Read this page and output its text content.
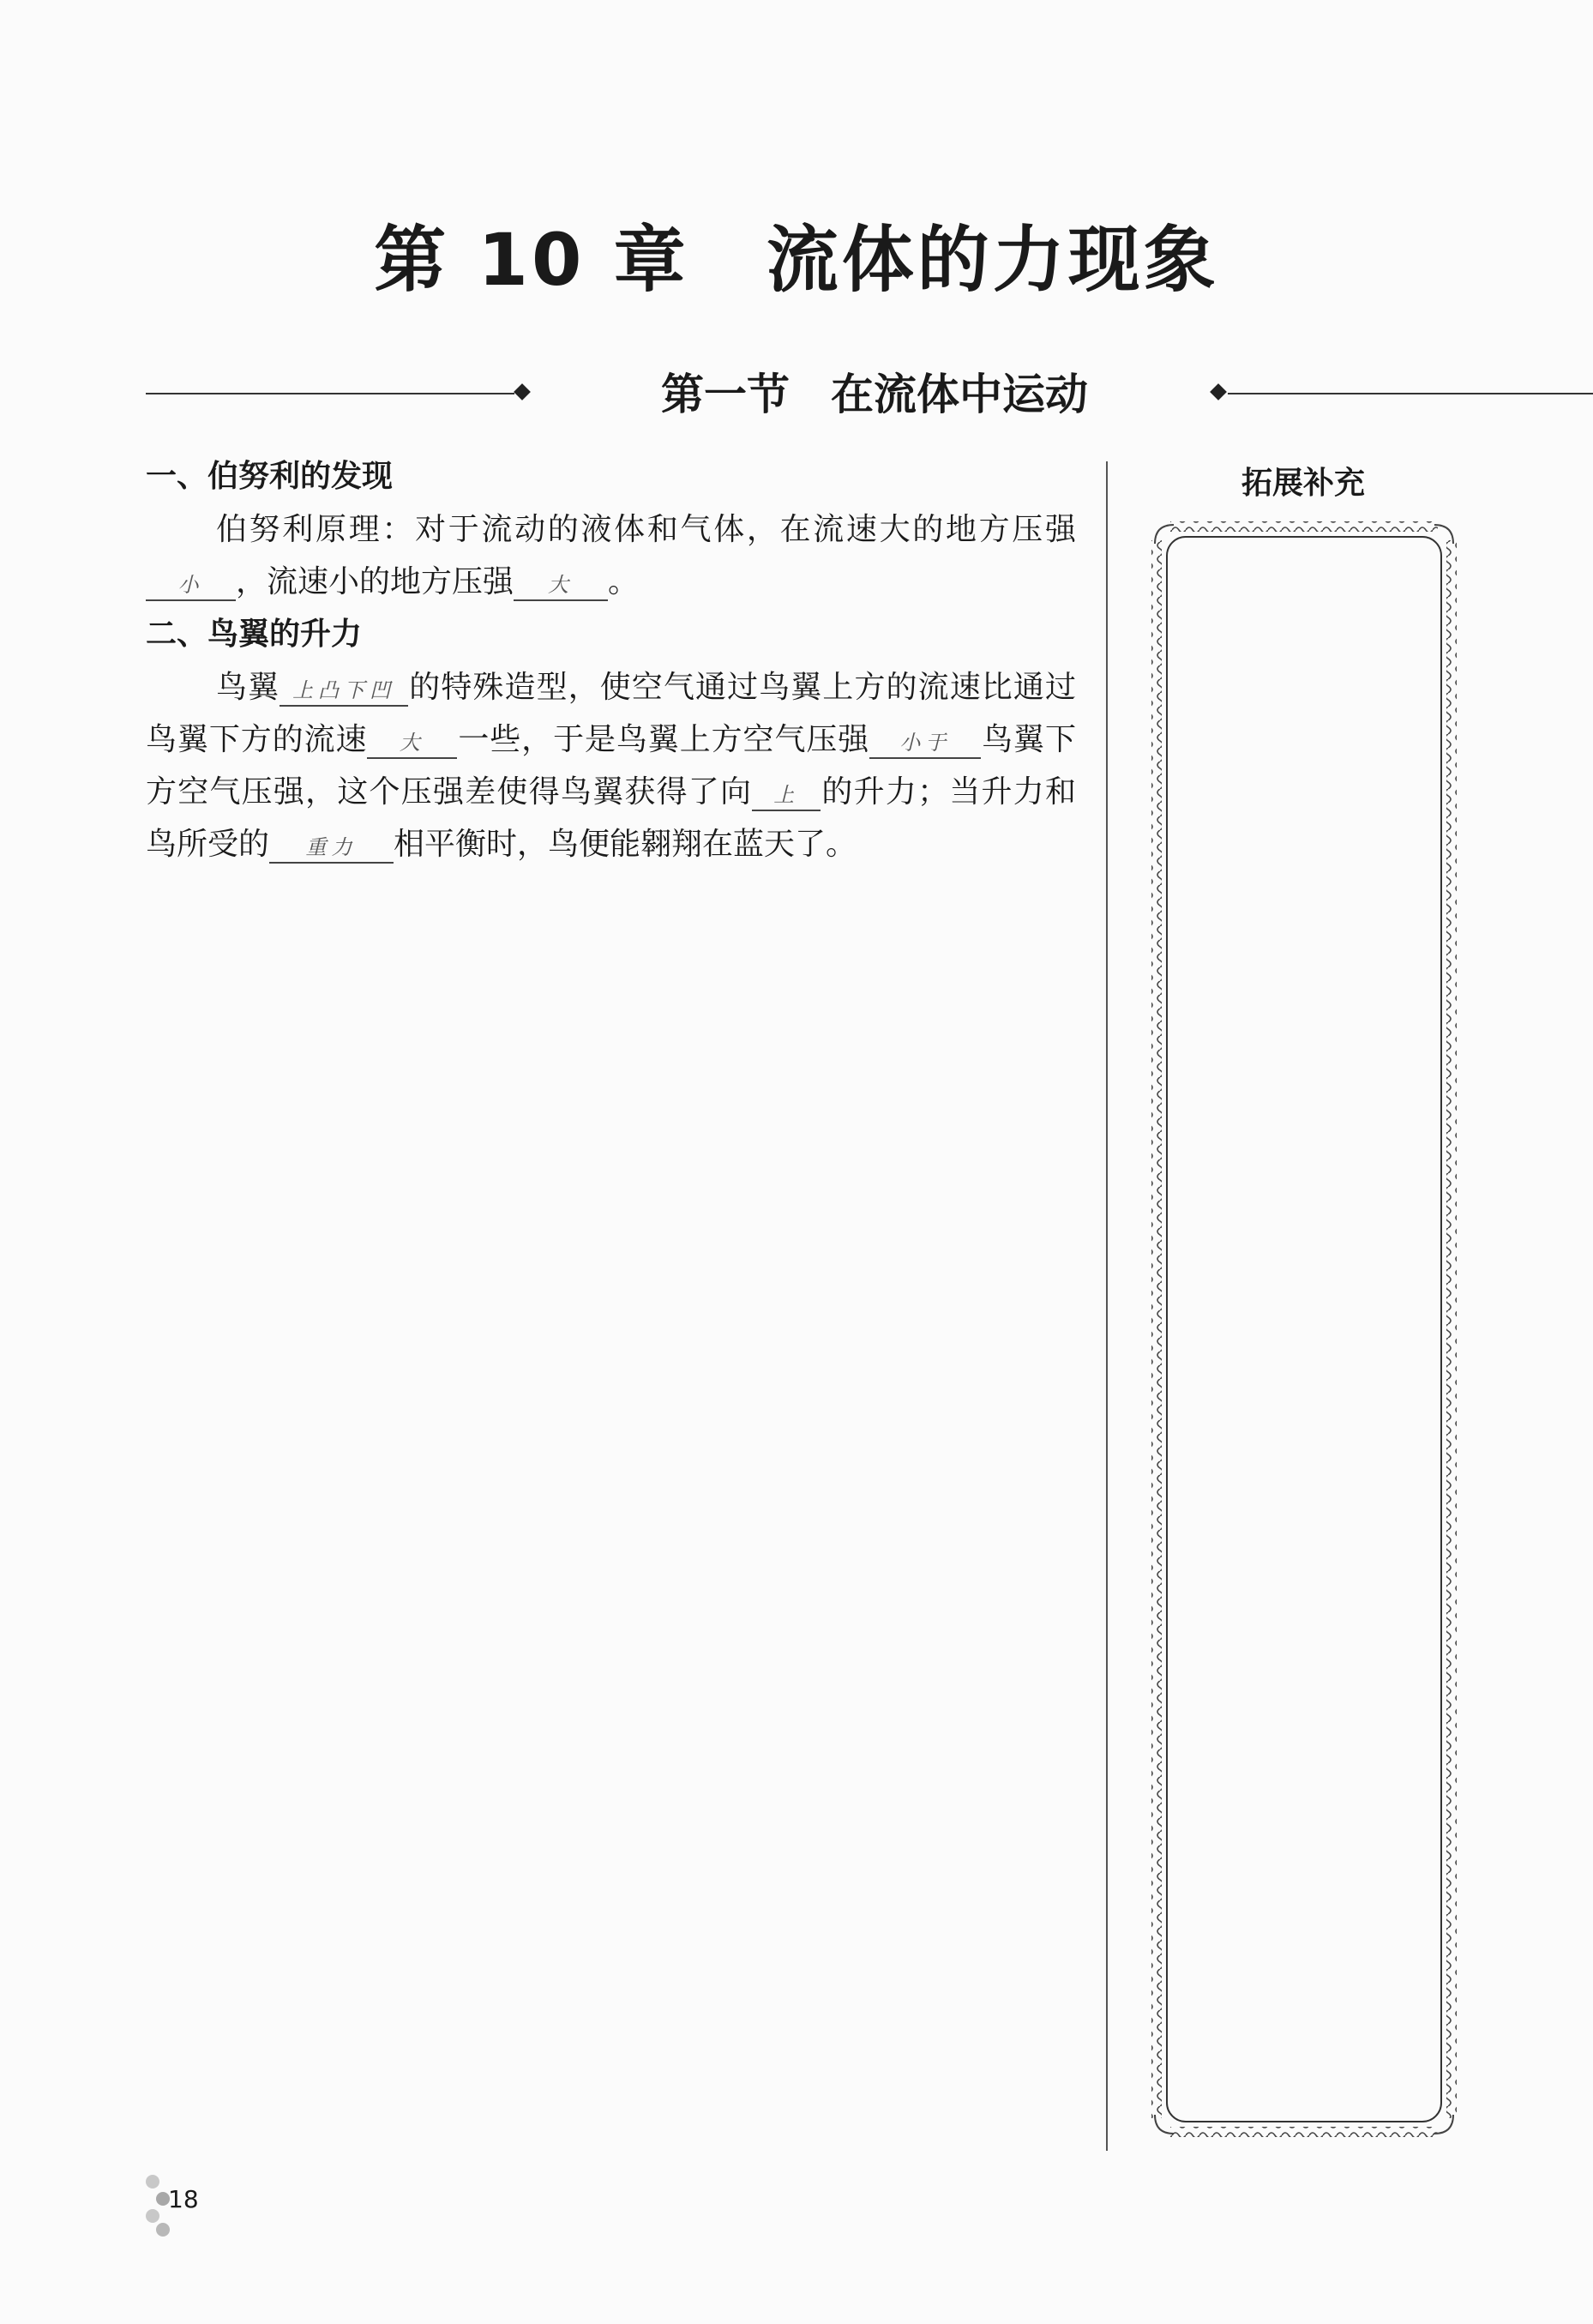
第 10 章 流体的力现象
第一节 在流体中运动

一、伯努利的发现

伯努利原理：对于流动的液体和气体，在流速大的地方压强小 ，流速小的地方压强 大 。

二、鸟翼的升力

鸟翼 上凸下凹 的特殊造型，使空气通过鸟翼上方的流速比通过鸟翼下方的流速 大 一些，于是鸟翼上方空气压强 小于 鸟翼下方空气压强，这个压强差使得鸟翼获得了向 上 的升力；当升力和鸟所受的 重力 相平衡时，鸟便能翱翔在蓝天了。

拓展补充
18
